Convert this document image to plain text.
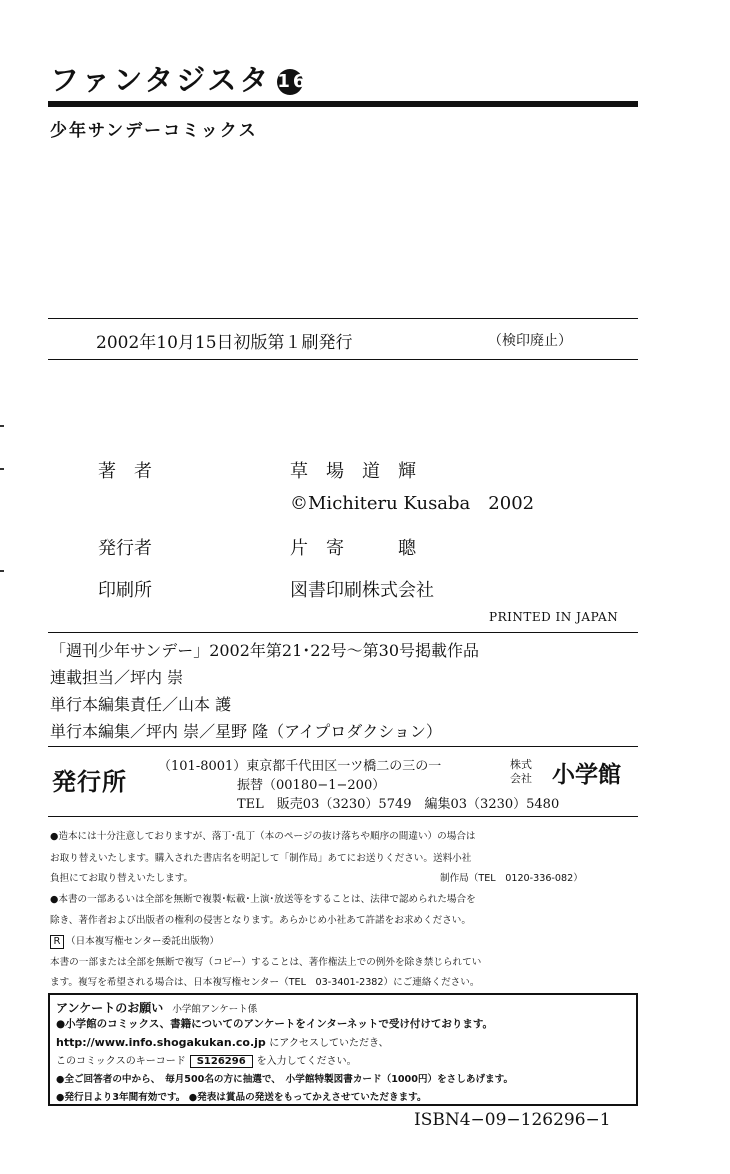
ファンタジスタ 16
少年サンデーコミックス
2002年10月15日初版第１刷発行	（検印廃止）
著　者	草　場　道　輝
©Michiteru Kusaba　2002
発行者	片　寄　　　聰
印刷所	図書印刷株式会社
PRINTED IN JAPAN
「週刊少年サンデー」2002年第21･22号～第30号掲載作品
連載担当／坪内 崇
単行本編集責任／山本 護
単行本編集／坪内 崇／星野 隆（アイプロダクション）
発行所
（101-8001）東京都千代田区一ツ橋二の三の一
振替（00180−1−200）
TEL　販売03（3230）5749　編集03（3230）5480
株式
会社 小学館
●造本には十分注意しておりますが、落丁･乱丁（本のページの抜け落ちや順序の間違い）の場合は
お取り替えいたします。購入された書店名を明記して「制作局」あてにお送りください。送料小社
負担にてお取り替えいたします。	制作局（TEL　0120-336-082）
●本書の一部あるいは全部を無断で複製･転載･上演･放送等をすることは、法律で認められた場合を
除き、著作者および出版者の権利の侵害となります。あらかじめ小社あて許諾をお求めください。
R （日本複写権センター委託出版物）
本書の一部または全部を無断で複写（コピー）することは、著作権法上での例外を除き禁じられてい
ます。複写を希望される場合は、日本複写権センター（TEL　03-3401-2382）にご連絡ください。
アンケートのお願い 小学館アンケート係
●小学館のコミックス、書籍についてのアンケートをインターネットで受け付けております。
http://www.info.shogakukan.co.jp にアクセスしていただき、
このコミックスのキーコード S126296 を入力してください。
●全ご回答者の中から、　毎月500名の方に抽選で、　小学館特製図書カード（1000円）をさしあげます。
●発行日より3年間有効です。 ●発表は賞品の発送をもってかえさせていただきます。
ISBN4−09−126296−1
